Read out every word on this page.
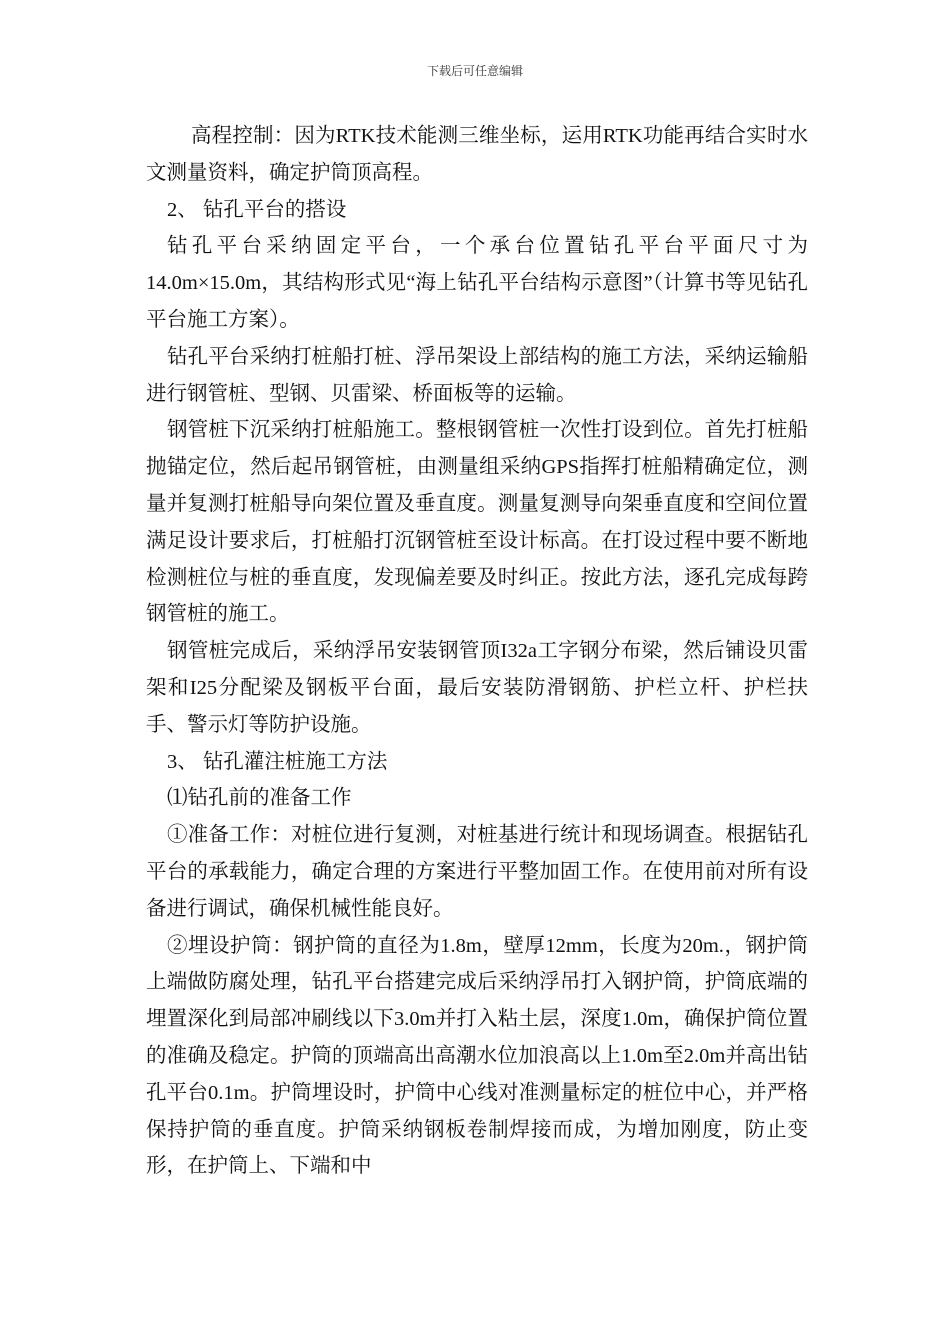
下载后可任意编辑

高程控制：因为RTK技术能测三维坐标，运用RTK功能再结合实时水文测量资料，确定护筒顶高程。

2、 钻孔平台的搭设

钻孔平台采纳固定平台，一个承台位置钻孔平台平面尺寸为14.0m×15.0m，其结构形式见“海上钻孔平台结构示意图”（计算书等见钻孔平台施工方案）。

钻孔平台采纳打桩船打桩、浮吊架设上部结构的施工方法，采纳运输船进行钢管桩、型钢、贝雷梁、桥面板等的运输。

钢管桩下沉采纳打桩船施工。整根钢管桩一次性打设到位。首先打桩船抛锚定位，然后起吊钢管桩，由测量组采纳GPS指挥打桩船精确定位，测量并复测打桩船导向架位置及垂直度。测量复测导向架垂直度和空间位置满足设计要求后，打桩船打沉钢管桩至设计标高。在打设过程中要不断地检测桩位与桩的垂直度，发现偏差要及时纠正。按此方法，逐孔完成每跨钢管桩的施工。

钢管桩完成后，采纳浮吊安装钢管顶I32a工字钢分布梁，然后铺设贝雷架和I25分配梁及钢板平台面，最后安装防滑钢筋、护栏立杆、护栏扶手、警示灯等防护设施。

3、 钻孔灌注桩施工方法

⑴钻孔前的准备工作

①准备工作：对桩位进行复测，对桩基进行统计和现场调查。根据钻孔平台的承载能力，确定合理的方案进行平整加固工作。在使用前对所有设备进行调试，确保机械性能良好。

②埋设护筒：钢护筒的直径为1.8m，壁厚12mm，长度为20m.，钢护筒上端做防腐处理，钻孔平台搭建完成后采纳浮吊打入钢护筒，护筒底端的埋置深化到局部冲刷线以下3.0m并打入粘土层，深度1.0m，确保护筒位置的准确及稳定。护筒的顶端高出高潮水位加浪高以上1.0m至2.0m并高出钻孔平台0.1m。护筒埋设时，护筒中心线对准测量标定的桩位中心，并严格保持护筒的垂直度。护筒采纳钢板卷制焊接而成，为增加刚度，防止变形，在护筒上、下端和中
